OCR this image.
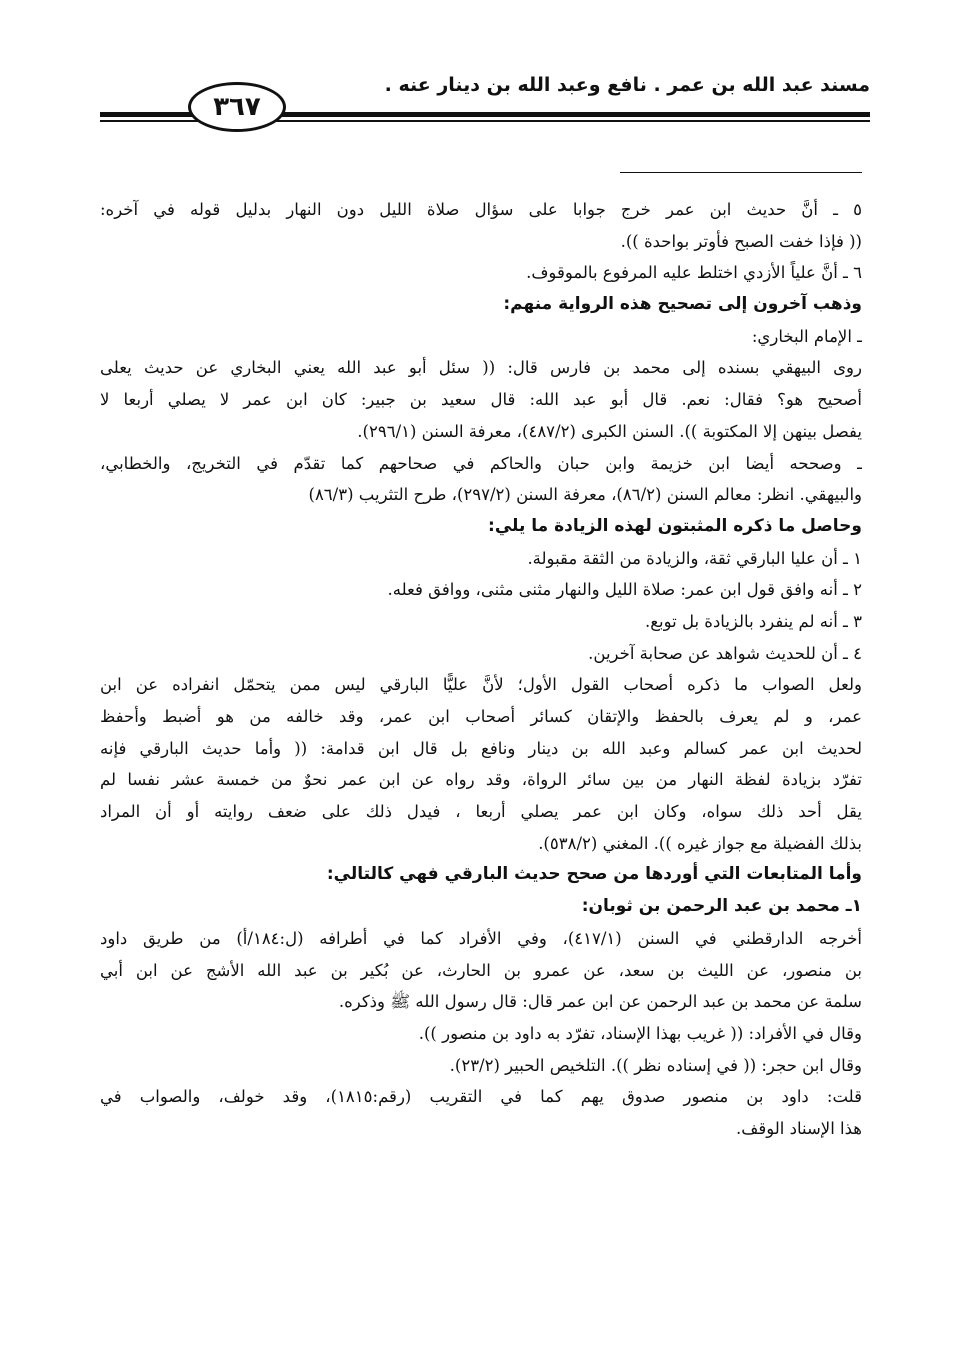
مسند عبد الله بن عمر . نافع وعبد الله بن دينار عنه .
٣٦٧
٥ ـ أنَّ حديث ابن عمر خرج جوابا على سؤال صلاة الليل دون النهار بدليل قوله في آخره:
(( فإذا خفت الصبح فأوتر بواحدة )).
٦ ـ أنَّ علياً الأزدي اختلط عليه المرفوع بالموقوف.
وذهب آخرون إلى تصحيح هذه الرواية منهم:
ـ الإمام البخاري:
روى البيهقي بسنده إلى محمد بن فارس قال: (( سئل أبو عبد الله يعني البخاري عن حديث يعلى
أصحيح هو؟ فقال: نعم. قال أبو عبد الله: قال سعيد بن جبير: كان ابن عمر لا يصلي أربعا لا
يفصل بينهن إلا المكتوبة )). السنن الكبرى (٤٨٧/٢)، معرفة السنن (٢٩٦/١).
ـ وصححه أيضا ابن خزيمة وابن حبان والحاكم في صحاحهم كما تقدّم في التخريج، والخطابي،
والبيهقي. انظر: معالم السنن (٨٦/٢)، معرفة السنن (٢٩٧/٢)، طرح التثريب (٨٦/٣)
وحاصل ما ذكره المثبتون لهذه الزيادة ما يلي:
١ ـ أن عليا البارقي ثقة، والزيادة من الثقة مقبولة.
٢ ـ أنه وافق قول ابن عمر: صلاة الليل والنهار مثنى مثنى، ووافق فعله.
٣ ـ أنه لم ينفرد بالزيادة بل توبع.
٤ ـ أن للحديث شواهد عن صحابة آخرين.
ولعل الصواب ما ذكره أصحاب القول الأول؛ لأنَّ عليًّا البارقي ليس ممن يتحمّل انفراده عن ابن
عمر، و لم يعرف بالحفظ والإتقان كسائر أصحاب ابن عمر، وقد خالفه من هو أضبط وأحفظ
لحديث ابن عمر كسالم وعبد الله بن دينار ونافع بل قال ابن قدامة: (( وأما حديث البارقي فإنه
تفرّد بزيادة لفظة النهار من بين سائر الرواة، وقد رواه عن ابن عمر نحوٌ من خمسة عشر نفسا لم
يقل أحد ذلك سواه، وكان ابن عمر يصلي أربعا ، فيدل ذلك على ضعف روايته أو أن المراد
بذلك الفضيلة مع جواز غيره )). المغني (٥٣٨/٢).
وأما المتابعات التي أوردها من صحح حديث البارقي فهي كالتالي:
١ـ محمد بن عبد الرحمن بن ثوبان:
أخرجه الدارقطني في السنن (٤١٧/١)، وفي الأفراد كما في أطرافه (ل:١٨٤/أ) من طريق داود
بن منصور، عن الليث بن سعد، عن عمرو بن الحارث، عن بُكير بن عبد الله الأشج عن ابن أبي
سلمة عن محمد بن عبد الرحمن عن ابن عمر قال: قال رسول الله ﷺ وذكره.
وقال في الأفراد: (( غريب بهذا الإسناد، تفرّد به داود بن منصور )).
وقال ابن حجر: (( في إسناده نظر )). التلخيص الحبير (٢٣/٢).
قلت: داود بن منصور صدوق يهم كما في التقريب (رقم:١٨١٥)، وقد خولف، والصواب في
هذا الإسناد الوقف.
